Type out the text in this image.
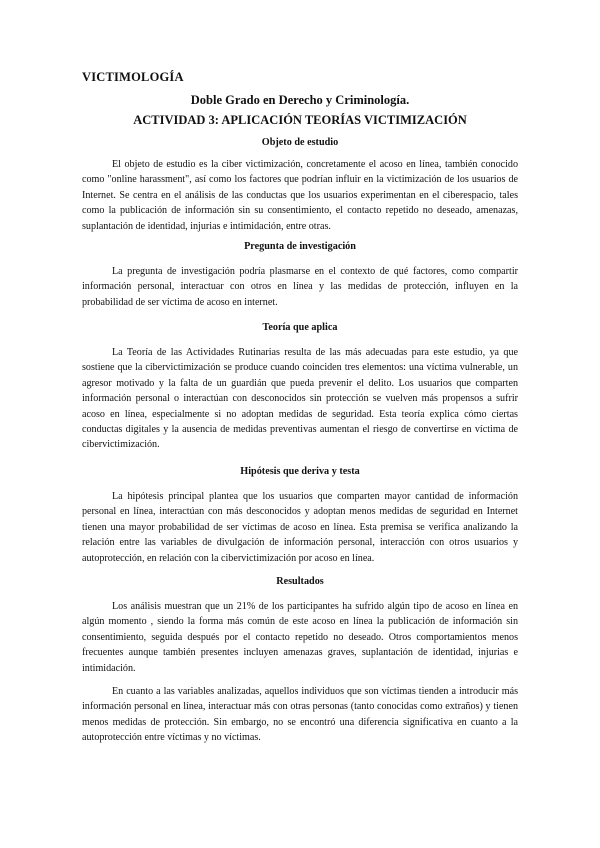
VICTIMOLOGÍA
Doble Grado en Derecho y Criminología.
ACTIVIDAD 3: APLICACIÓN TEORÍAS VICTIMIZACIÓN
Objeto de estudio

El objeto de estudio es la ciber victimización, concretamente el acoso en línea, también conocido como "online harassment", así como los factores que podrían influir en la victimización de los usuarios de Internet. Se centra en el análisis de las conductas que los usuarios experimentan en el ciberespacio, tales como la publicación de información sin su consentimiento, el contacto repetido no deseado, amenazas, suplantación de identidad, injurias e intimidación, entre otras.

Pregunta de investigación

La pregunta de investigación podría plasmarse en el contexto de qué factores, como compartir información personal, interactuar con otros en línea y las medidas de protección, influyen en la probabilidad de ser víctima de acoso en internet.

Teoría que aplica

La Teoría de las Actividades Rutinarias resulta de las más adecuadas para este estudio, ya que sostiene que la cibervictimización se produce cuando coinciden tres elementos: una víctima vulnerable, un agresor motivado y la falta de un guardián que pueda prevenir el delito. Los usuarios que comparten información personal o interactúan con desconocidos sin protección se vuelven más propensos a sufrir acoso en línea, especialmente si no adoptan medidas de seguridad. Esta teoría explica cómo ciertas conductas digitales y la ausencia de medidas preventivas aumentan el riesgo de convertirse en víctima de cibervictimización.

Hipótesis que deriva y testa

La hipótesis principal plantea que los usuarios que comparten mayor cantidad de información personal en línea, interactúan con más desconocidos y adoptan menos medidas de seguridad en Internet tienen una mayor probabilidad de ser víctimas de acoso en línea. Esta premisa se verifica analizando la relación entre las variables de divulgación de información personal, interacción con otros usuarios y autoprotección, en relación con la cibervictimización por acoso en línea.

Resultados

Los análisis muestran que un 21% de los participantes ha sufrido algún tipo de acoso en línea en algún momento , siendo la forma más común de este acoso en línea la publicación de información sin consentimiento, seguida después por el contacto repetido no deseado. Otros comportamientos menos frecuentes aunque también presentes incluyen amenazas graves, suplantación de identidad, injurias e intimidación.

En cuanto a las variables analizadas, aquellos individuos que son víctimas tienden a introducir más información personal en línea, interactuar más con otras personas (tanto conocidas como extraños) y tienen menos medidas de protección. Sin embargo, no se encontró una diferencia significativa en cuanto a la autoprotección entre víctimas y no víctimas.
